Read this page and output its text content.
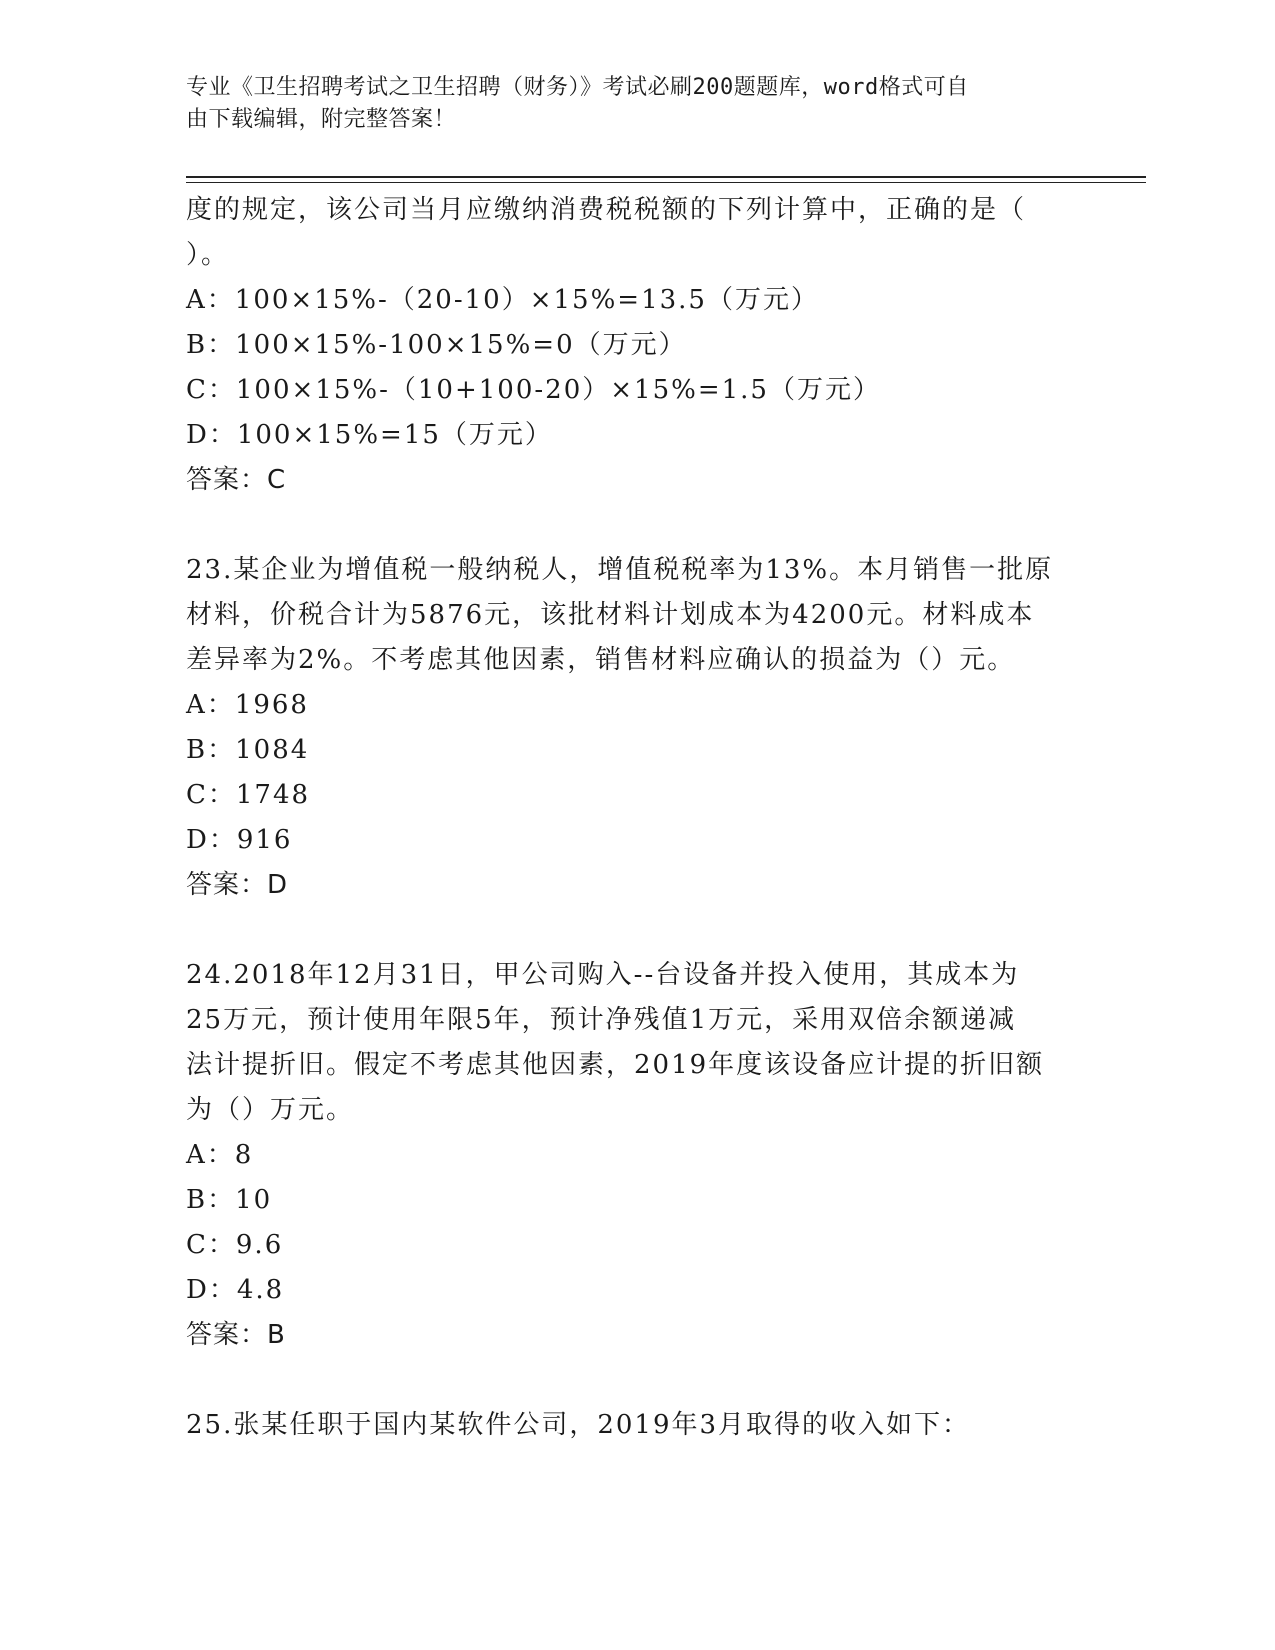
专业《卫生招聘考试之卫生招聘（财务）》考试必刷200题题库，word格式可自
由下载编辑，附完整答案！
度的规定，该公司当月应缴纳消费税税额的下列计算中，正确的是（
）。
A：100×15%-（20-10）×15%=13.5（万元）
B：100×15%-100×15%=0（万元）
C：100×15%-（10+100-20）×15%=1.5（万元）
D：100×15%=15（万元）
答案：C
23.某企业为增值税一般纳税人，增值税税率为13%。本月销售一批原
材料，价税合计为5876元，该批材料计划成本为4200元。材料成本
差异率为2%。不考虑其他因素，销售材料应确认的损益为（）元。
A：1968
B：1084
C：1748
D：916
答案：D
24.2018年12月31日，甲公司购入--台设备并投入使用，其成本为
25万元，预计使用年限5年，预计净残值1万元，采用双倍余额递减
法计提折旧。假定不考虑其他因素，2019年度该设备应计提的折旧额
为（）万元。
A：8
B：10
C：9.6
D：4.8
答案：B
25.张某任职于国内某软件公司，2019年3月取得的收入如下：
